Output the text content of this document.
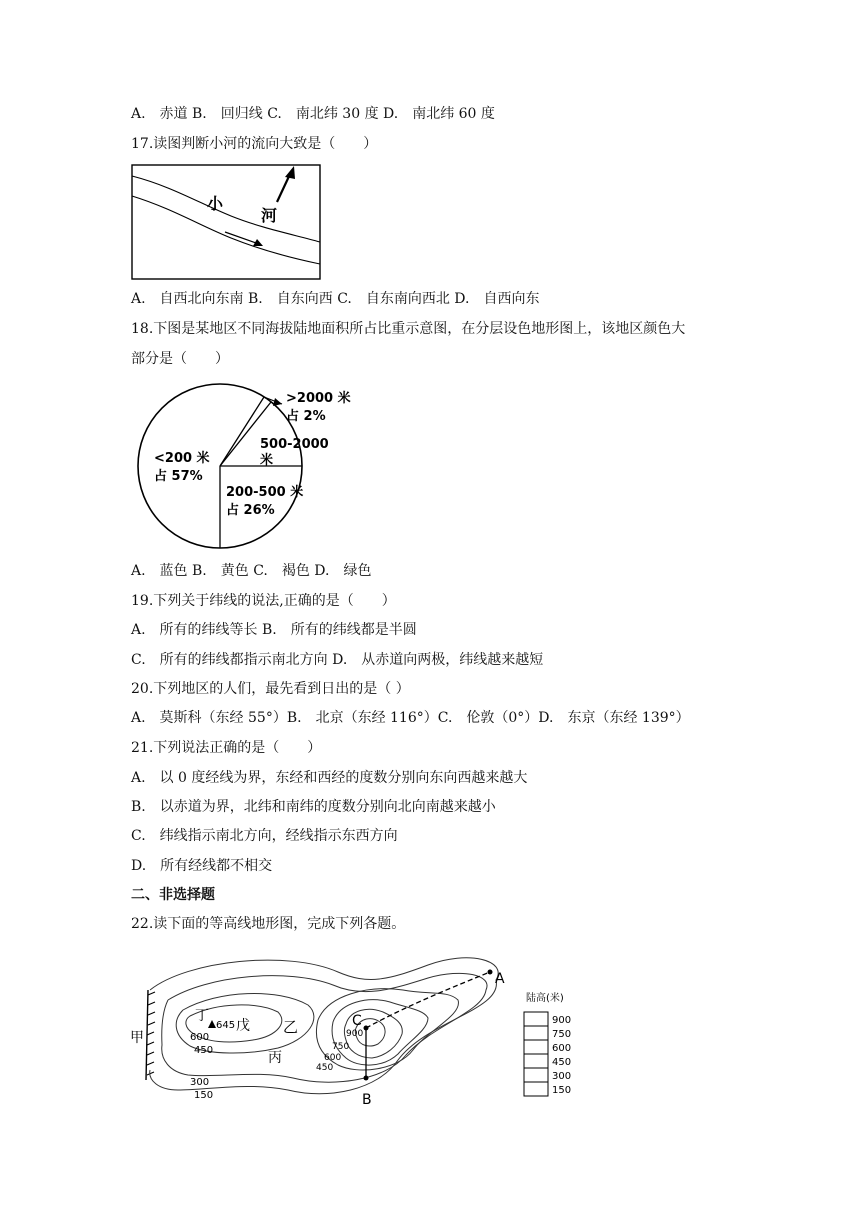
A.　赤道 B.　回归线 C.　南北纬 30 度 D.　南北纬 60 度
17.读图判断小河的流向大致是（　　）
小
河
A.　自西北向东南 B.　自东向西 C.　自东南向西北 D.　自西向东
18.下图是某地区不同海拔陆地面积所占比重示意图，在分层设色地形图上，该地区颜色大
部分是（　　）
>2000 米
占 2%
500-2000
米
<200 米
占 57%
200-500 米
占 26%
A.　蓝色 B.　黄色 C.　褐色 D.　绿色
19.下列关于纬线的说法,正确的是（　　）
A.　所有的纬线等长 B.　所有的纬线都是半圆
C.　所有的纬线都指示南北方向 D.　从赤道向两极，纬线越来越短
20.下列地区的人们，最先看到日出的是（ ）
A.　莫斯科（东经 55°）B.　北京（东经 116°）C.　伦敦（0°）D.　东京（东经 139°）
21.下列说法正确的是（　　）
A.　以 0 度经线为界，东经和西经的度数分别向东向西越来越大
B.　以赤道为界，北纬和南纬的度数分别向北向南越来越小
C.　纬线指示南北方向，经线指示东西方向
D.　所有经线都不相交
二、非选择题
22.读下面的等高线地形图，完成下列各题。
甲
丁
645 戊 乙
丙
A
B
C
600
450
300
150
900
750
600
450
陆高(米)
900
750
600
450
300
150
